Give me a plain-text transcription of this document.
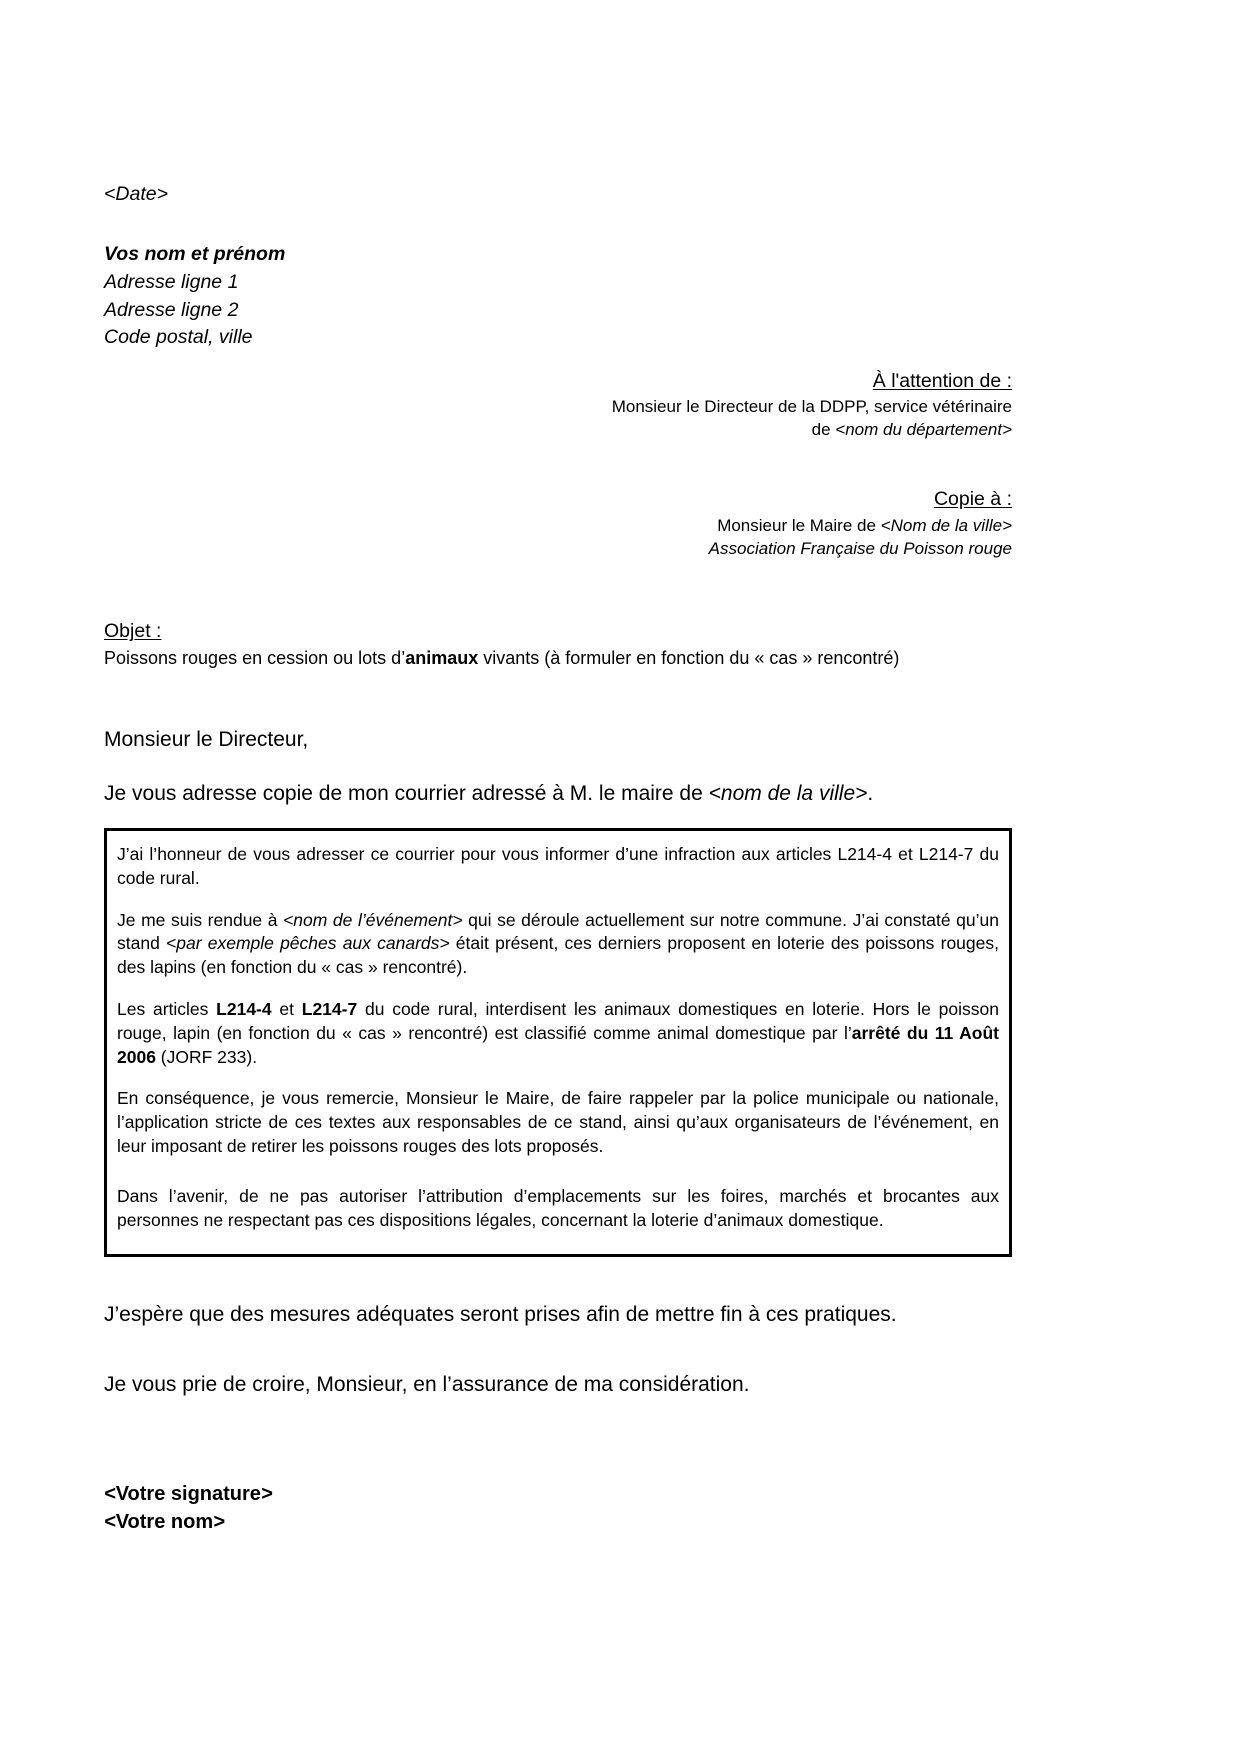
<Date>
Vos nom et prénom
Adresse ligne 1
Adresse ligne 2
Code postal, ville
À l'attention de :
Monsieur le Directeur de la DDPP, service vétérinaire
de <nom du département>
Copie à :
Monsieur le Maire de <Nom de la ville>
Association Française du Poisson rouge
Objet :
Poissons rouges en cession ou lots d’animaux vivants (à formuler en fonction du « cas » rencontré)
Monsieur le Directeur,
Je vous adresse copie de mon courrier adressé à M. le maire de <nom de la ville>.

J’ai l’honneur de vous adresser ce courrier pour vous informer d’une infraction aux articles L214-4 et L214-7 du code rural.

Je me suis rendue à <nom de l’événement> qui se déroule actuellement sur notre commune. J’ai constaté qu’un stand <par exemple pêches aux canards> était présent, ces derniers proposent en loterie des poissons rouges, des lapins (en fonction du « cas » rencontré).

Les articles L214-4 et L214-7 du code rural, interdisent les animaux domestiques en loterie. Hors le poisson rouge, lapin (en fonction du « cas » rencontré) est classifié comme animal domestique par l’arrêté du 11 Août 2006 (JORF 233).

En conséquence, je vous remercie, Monsieur le Maire, de faire rappeler par la police municipale ou nationale, l’application stricte de ces textes aux responsables de ce stand, ainsi qu’aux organisateurs de l’événement, en leur imposant de retirer les poissons rouges des lots proposés.

Dans l’avenir, de ne pas autoriser l’attribution d’emplacements sur les foires, marchés et brocantes aux personnes ne respectant pas ces dispositions légales, concernant la loterie d’animaux domestique.

J’espère que des mesures adéquates seront prises afin de mettre fin à ces pratiques.
Je vous prie de croire, Monsieur, en l’assurance de ma considération.
<Votre signature>
<Votre nom>
